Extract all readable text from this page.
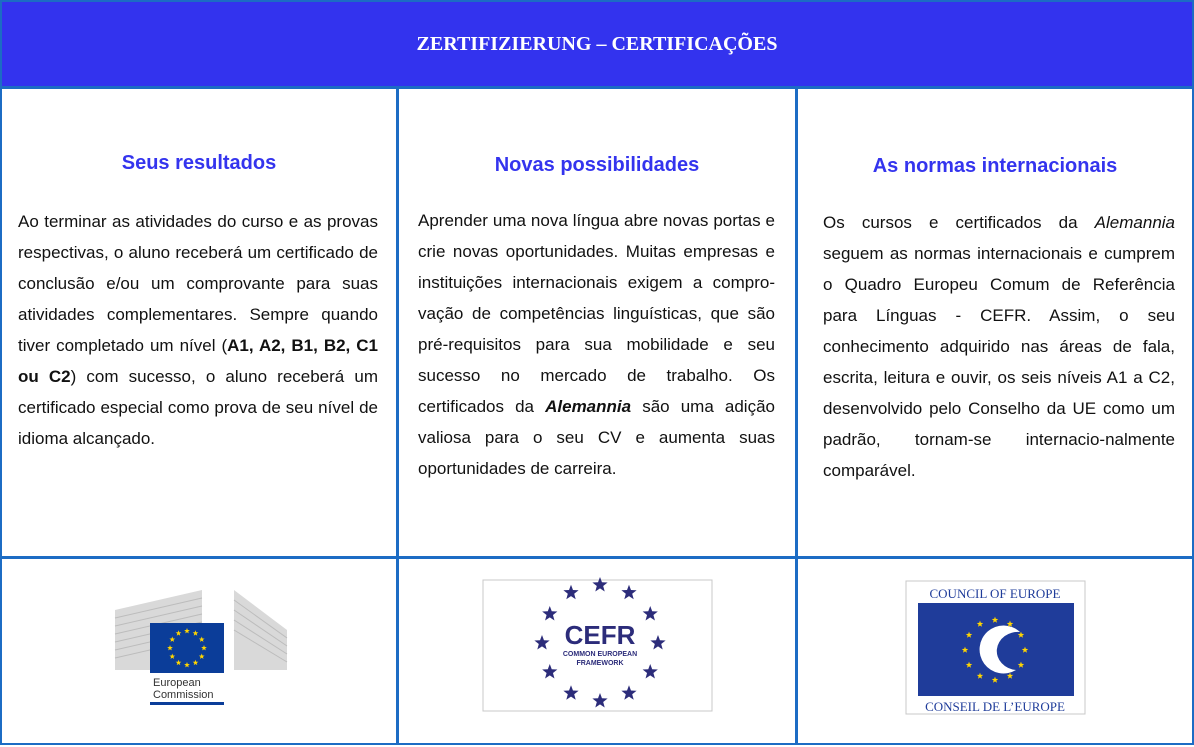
ZERTIFIZIERUNG – CERTIFICAÇÕES
Seus resultados

Ao terminar as atividades do curso e as provas respectivas, o aluno receberá um certificado de conclusão e/ou um comprovante para suas atividades complementares. Sempre quando tiver completado um nível (A1, A2, B1, B2, C1 ou C2) com sucesso, o aluno receberá um certificado especial como prova de seu nível de idioma alcançado.

Novas possibilidades

Aprender uma nova língua abre novas portas e crie novas oportunidades. Muitas empresas e instituições internacionais exigem a compro-vação de competências linguísticas, que são pré-requisitos para sua mobilidade e seu sucesso no mercado de trabalho. Os certificados da Alemannia são uma adição valiosa para o seu CV e aumenta suas oportunidades de carreira.

As normas internacionais

Os cursos e certificados da Alemannia seguem as normas internacionais e cumprem o Quadro Europeu Comum de Referência para Línguas - CEFR. Assim, o seu conhecimento adquirido nas áreas de fala, escrita, leitura e ouvir, os seis níveis A1 a C2, desenvolvido pelo Conselho da UE como um padrão, tornam-se internacio-nalmente comparável.

European
Commission
CEFR
COMMON EUROPEAN
FRAMEWORK
COUNCIL OF EUROPE
CONSEIL DE L’EUROPE
